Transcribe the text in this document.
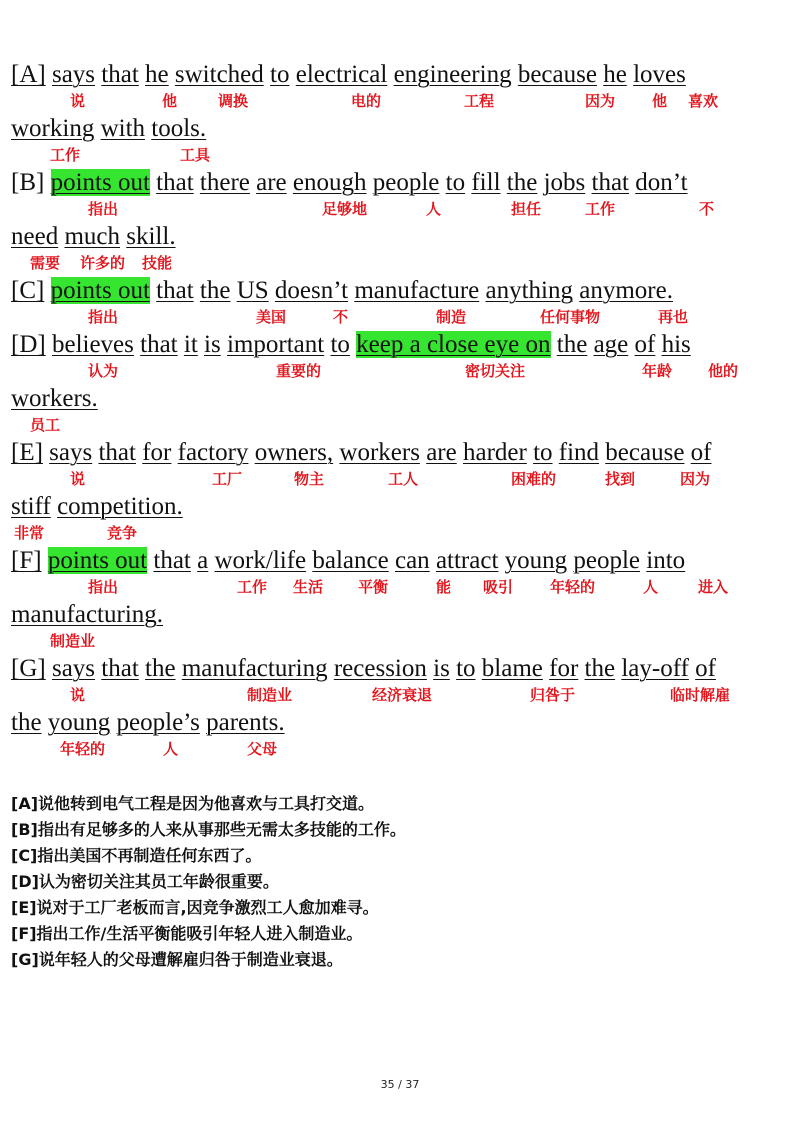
[A] says that he switched to electrical engineering because he loves
说	他	调换	电的	工程	因为 他 喜欢
working with tools.
工作	工具
[B] points out that there are enough people to fill the jobs that don’t
指出	足够地	人	担任	工作	不
need much skill.
需要 许多的 技能
[C] points out that the US doesn’t manufacture anything anymore.
指出	美国	不	制造	任何事物	再也
[D] believes that it is important to keep a close eye on the age of his
认为	重要的	密切关注	年龄 他的
workers.
员工
[E] says that for factory owners, workers are harder to find because of
说	工厂	物主	工人	困难的	找到	因为
stiff competition.
非常	竞争
[F] points out that a work/life balance can attract young people into
指出	工作 生活 平衡	能 吸引 年轻的	人	进入
manufacturing.
制造业
[G] says that the manufacturing recession is to blame for the lay-off of
说	制造业	经济衰退	归咎于	临时解雇
the young people’s parents.
年轻的	人	父母
[A]说他转到电气工程是因为他喜欢与工具打交道。
[B]指出有足够多的人来从事那些无需太多技能的工作。
[C]指出美国不再制造任何东西了。
[D]认为密切关注其员工年龄很重要。
[E]说对于工厂老板而言,因竞争激烈工人愈加难寻。
[F]指出工作/生活平衡能吸引年轻人进入制造业。
[G]说年轻人的父母遭解雇归咎于制造业衰退。
35 / 37
